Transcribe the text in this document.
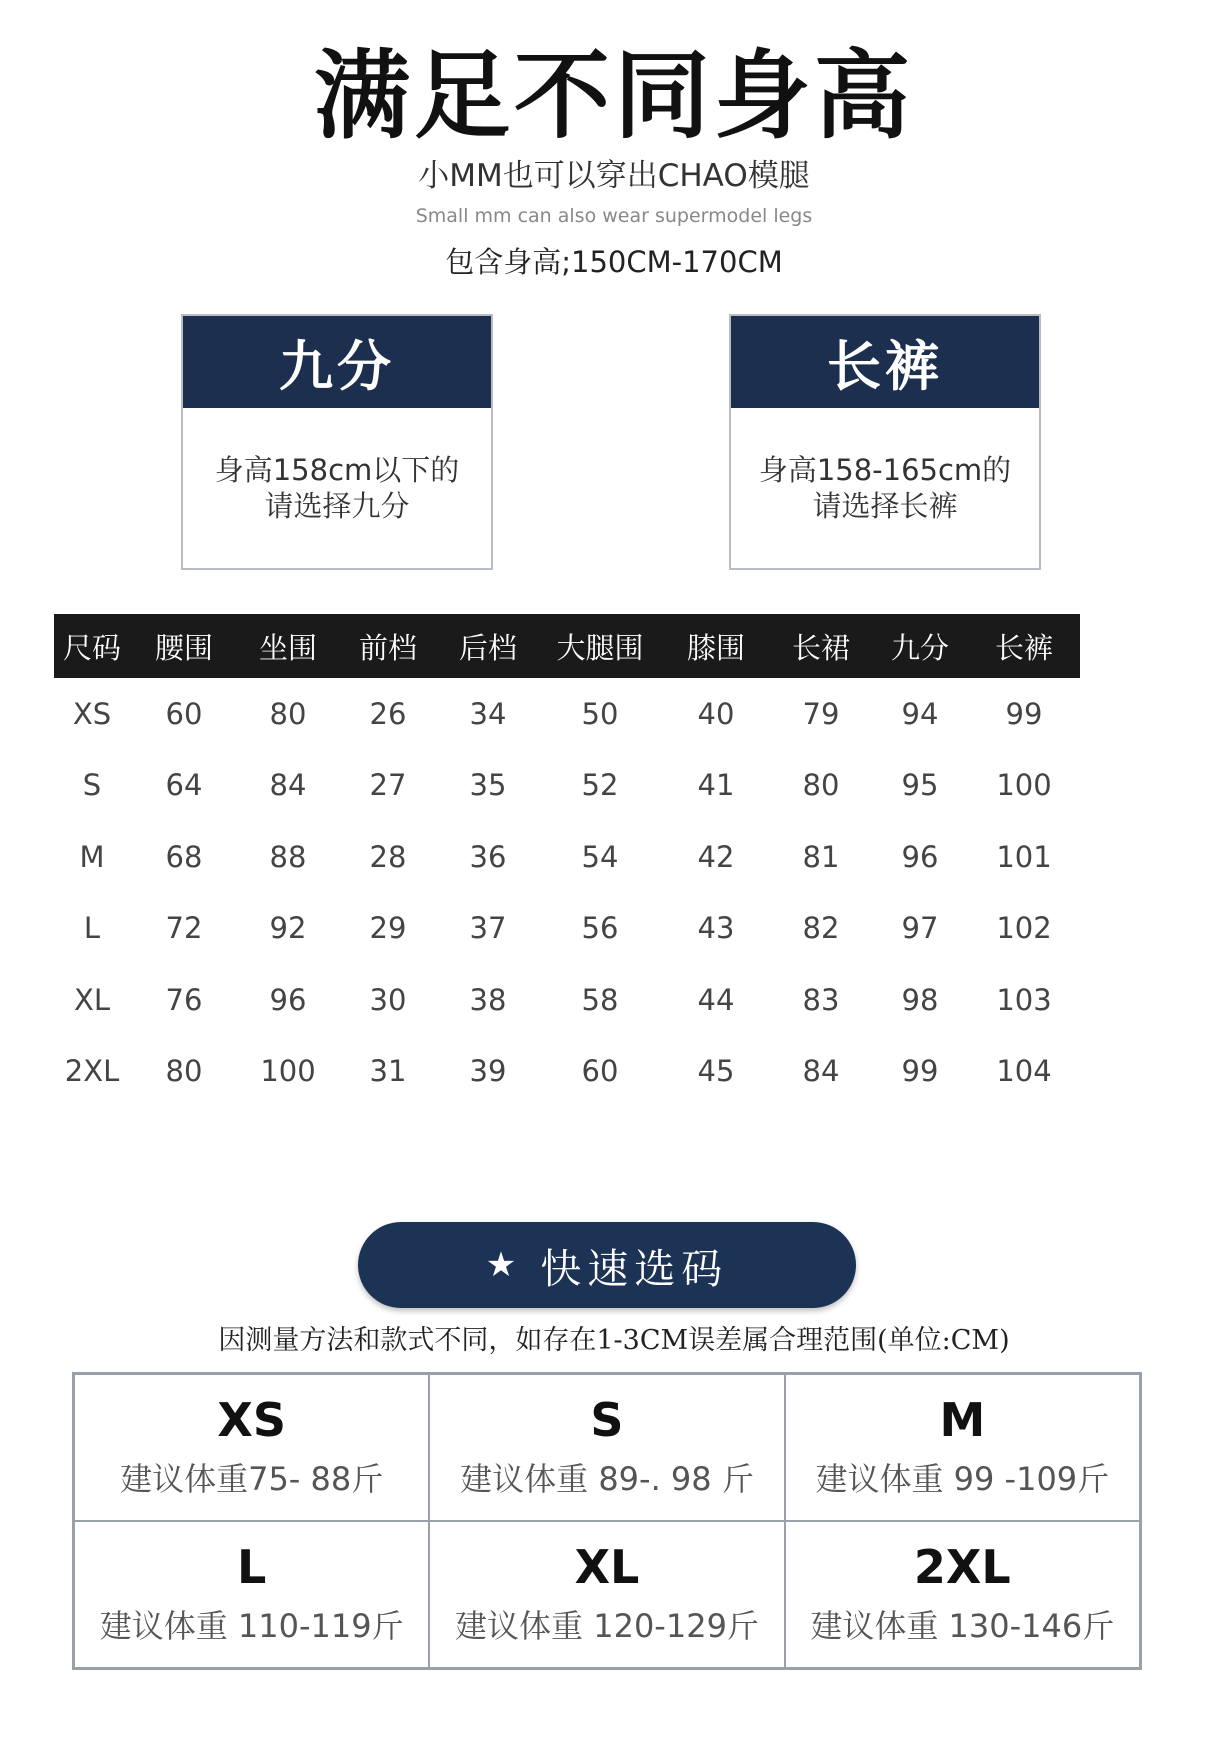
满足不同身高
小MM也可以穿出CHAO模腿
Small mm can also wear supermodel legs
包含身高;150CM-170CM
九分
身高158cm以下的
请选择九分
长裤
身高158-165cm的
请选择长裤
尺码	腰围	坐围	前档	后档	大腿围	膝围	长裙	九分	长裤
XS	60	80	26	34	50	40	79	94	99
S	64	84	27	35	52	41	80	95	100
M	68	88	28	36	54	42	81	96	101
L	72	92	29	37	56	43	82	97	102
XL	76	96	30	38	58	44	83	98	103
2XL	80	100	31	39	60	45	84	99	104
★ 快速选码
因测量方法和款式不同，如存在1-3CM误差属合理范围(单位:CM)
XS
建议体重75- 88斤
S
建议体重 89-. 98 斤
M
建议体重 99 -109斤
L
建议体重 110-119斤
XL
建议体重 120-129斤
2XL
建议体重 130-146斤
